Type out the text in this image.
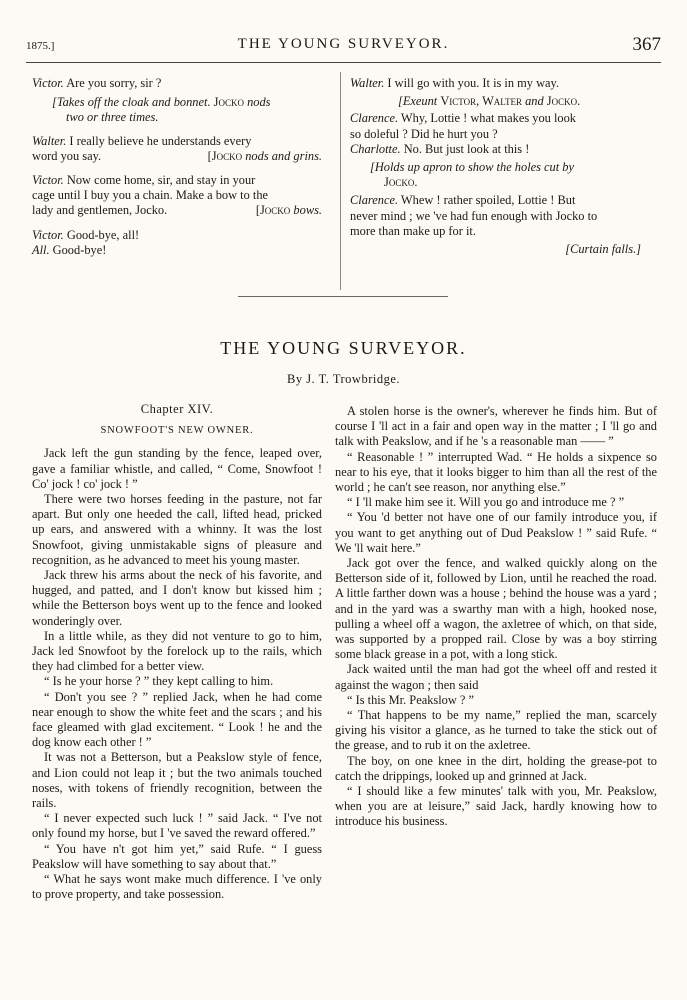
1875.]	THE YOUNG SURVEYOR.	367

Victor. Are you sorry, sir ?

[Takes off the cloak and bonnet. Jocko nods

two or three times.

Walter. I really believe he understands every

word you say.	[Jocko nods and grins.

Victor. Now come home, sir, and stay in your

cage until I buy you a chain. Make a bow to the

lady and gentlemen, Jocko.	[Jocko bows.

Victor. Good-bye, all!

All. Good-bye!

Walter. I will go with you. It is in my way.

[Exeunt Victor, Walter and Jocko.

Clarence. Why, Lottie ! what makes you look

so doleful ? Did he hurt you ?

Charlotte. No. But just look at this !

[Holds up apron to show the holes cut by

Jocko.

Clarence. Whew ! rather spoiled, Lottie ! But

never mind ; we 've had fun enough with Jocko to

more than make up for it.

[Curtain falls.]

THE YOUNG SURVEYOR.
By J. T. Trowbridge.

Chapter XIV.

SNOWFOOT'S NEW OWNER.

Jack left the gun standing by the fence, leaped over, gave a familiar whistle, and called, “ Come, Snowfoot ! Co' jock ! co' jock ! ”

There were two horses feeding in the pasture, not far apart. But only one heeded the call, lifted head, pricked up ears, and answered with a whinny. It was the lost Snowfoot, giving unmistakable signs of pleasure and recognition, as he advanced to meet his young master.

Jack threw his arms about the neck of his favorite, and hugged, and patted, and I don't know but kissed him ; while the Betterson boys went up to the fence and looked wonderingly over.

In a little while, as they did not venture to go to him, Jack led Snowfoot by the forelock up to the rails, which they had climbed for a better view.

“ Is he your horse ? ” they kept calling to him.

“ Don't you see ? ” replied Jack, when he had come near enough to show the white feet and the scars ; and his face gleamed with glad excitement. “ Look ! he and the dog know each other ! ”

It was not a Betterson, but a Peakslow style of fence, and Lion could not leap it ; but the two animals touched noses, with tokens of friendly recognition, between the rails.

“ I never expected such luck ! ” said Jack. “ I've not only found my horse, but I 've saved the reward offered.”

“ You have n't got him yet,” said Rufe. “ I guess Peakslow will have something to say about that.”

“ What he says wont make much difference. I 've only to prove property, and take possession.

A stolen horse is the owner's, wherever he finds him. But of course I 'll act in a fair and open way in the matter ; I 'll go and talk with Peakslow, and if he 's a reasonable man —— ”

“ Reasonable ! ” interrupted Wad. “ He holds a sixpence so near to his eye, that it looks bigger to him than all the rest of the world ; he can't see reason, nor anything else.”

“ I 'll make him see it. Will you go and introduce me ? ”

“ You 'd better not have one of our family introduce you, if you want to get anything out of Dud Peakslow ! ” said Rufe. “ We 'll wait here.”

Jack got over the fence, and walked quickly along on the Betterson side of it, followed by Lion, until he reached the road. A little farther down was a house ; behind the house was a yard ; and in the yard was a swarthy man with a high, hooked nose, pulling a wheel off a wagon, the axletree of which, on that side, was supported by a propped rail. Close by was a boy stirring some black grease in a pot, with a long stick.

Jack waited until the man had got the wheel off and rested it against the wagon ; then said

“ Is this Mr. Peakslow ? ”

“ That happens to be my name,” replied the man, scarcely giving his visitor a glance, as he turned to take the stick out of the grease, and to rub it on the axletree.

The boy, on one knee in the dirt, holding the grease-pot to catch the drippings, looked up and grinned at Jack.

“ I should like a few minutes' talk with you, Mr. Peakslow, when you are at leisure,” said Jack, hardly knowing how to introduce his business.
